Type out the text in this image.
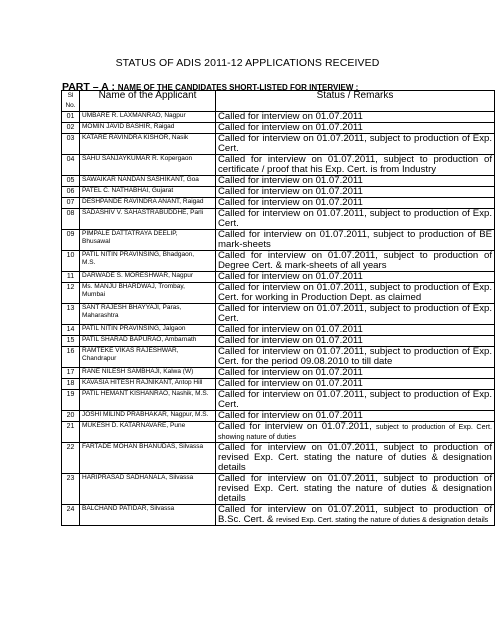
STATUS OF ADIS 2011-12 APPLICATIONS RECEIVED
PART – A : NAME OF THE CANDIDATES SHORT-LISTED FOR INTERVIEW :
Sl No.	Name of the Applicant	Status / Remarks
01	UMBARE R. LAXMANRAO, Nagpur	Called for interview on 01.07.2011
02	MOMIN JAVID BASHIR, Raigad	Called for interview on 01.07.2011
03	KATARE RAVINDRA KISHOR, Nasik	Called for interview on 01.07.2011, subject to production of Exp. Cert.
04	SAHU SANJAYKUMAR R. Kopergaon	Called for interview on 01.07.2011, subject to production of certificate / proof that his Exp. Cert. is from Industry
05	SAWAIKAR NANDAN SASHIKANT, Goa	Called for interview on 01.07.2011
06	PATEL C. NATHABHAI, Gujarat	Called for interview on 01.07.2011
07	DESHPANDE RAVINDRA ANANT, Raigad	Called for interview on 01.07.2011
08	SADASHIV V. SAHASTRABUDDHE, Parli	Called for interview on 01.07.2011, subject to production of Exp. Cert.
09	PIMPALE DATTATRAYA DEELIP,
Bhusawal	Called for interview on 01.07.2011, subject to production of BE mark-sheets
10	PATIL NITIN PRAVINSING, Bhadgaon,
M.S.	Called for interview on 01.07.2011, subject to production of Degree Cert. & mark-sheets of all years
11	DARWADE S. MORESHWAR, Nagpur	Called for interview on 01.07.2011
12	Ms. MANJU BHARDWAJ, Trombay,
Mumbai	Called for interview on 01.07.2011, subject to production of Exp. Cert. for working in Production Dept. as claimed
13	SANT RAJESH BHAYYAJI, Paras,
Maharashtra	Called for interview on 01.07.2011, subject to production of Exp. Cert.
14	PATIL NITIN PRAVINSING, Jalgaon	Called for interview on 01.07.2011
15	PATIL SHARAD BAPURAO, Ambarnath	Called for interview on 01.07.2011
16	RAMTEKE VIKAS RAJESHWAR,
Chandrapur	Called for interview on 01.07.2011, subject to production of Exp. Cert. for the period 09.08.2010 to till date
17	RANE NILESH SAMBHAJI, Kalwa (W)	Called for interview on 01.07.2011
18	KAVASIA HITESH RAJNIKANT, Antop Hill	Called for interview on 01.07.2011
19	PATIL HEMANT KISHANRAO, Nashik, M.S.	Called for interview on 01.07.2011, subject to production of Exp. Cert.
20	JOSHI MILIND PRABHAKAR, Nagpur, M.S.	Called for interview on 01.07.2011
21	MUKESH D. KATARNAVARE, Pune	Called for interview on 01.07.2011, subject to production of Exp. Cert. showing nature of duties
22	FARTADE MOHAN BHANUDAS, Silvassa	Called for interview on 01.07.2011, subject to production of revised Exp. Cert. stating the nature of duties & designation details
23	HARIPRASAD SADHANALA, Silvassa	Called for interview on 01.07.2011, subject to production of revised Exp. Cert. stating the nature of duties & designation details
24	BALCHAND PATIDAR, Silvassa	Called for interview on 01.07.2011, subject to production of B.Sc. Cert. & revised Exp. Cert. stating the nature of duties & designation details
